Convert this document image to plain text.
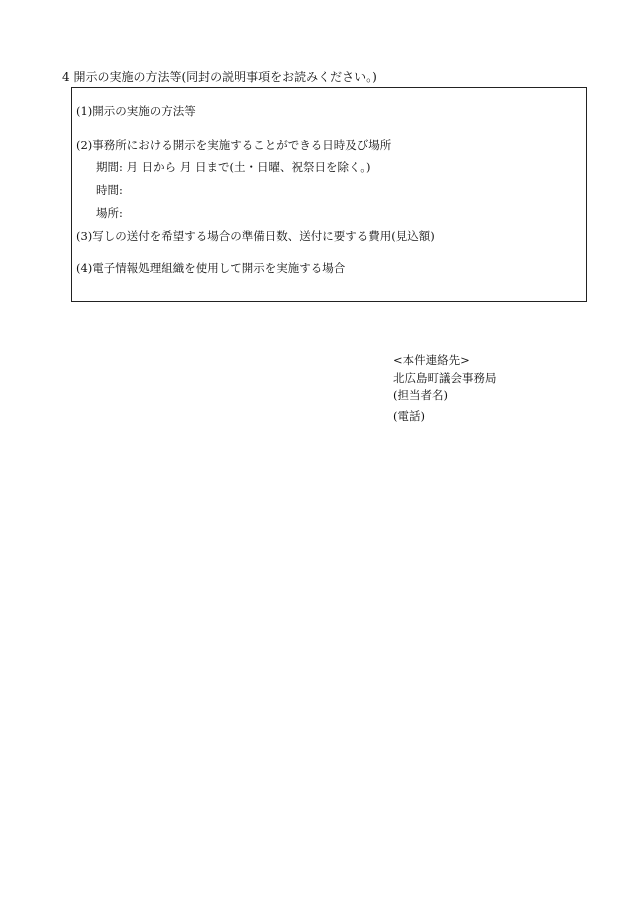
4 開示の実施の方法等(同封の説明事項をお読みください。)
(1)開示の実施の方法等
(2)事務所における開示を実施することができる日時及び場所
期間: 月 日から 月 日まで(土・日曜、祝祭日を除く。)
時間:
場所:
(3)写しの送付を希望する場合の準備日数、送付に要する費用(見込額)
(4)電子情報処理組織を使用して開示を実施する場合
<本件連絡先>
北広島町議会事務局
(担当者名)
(電話)
